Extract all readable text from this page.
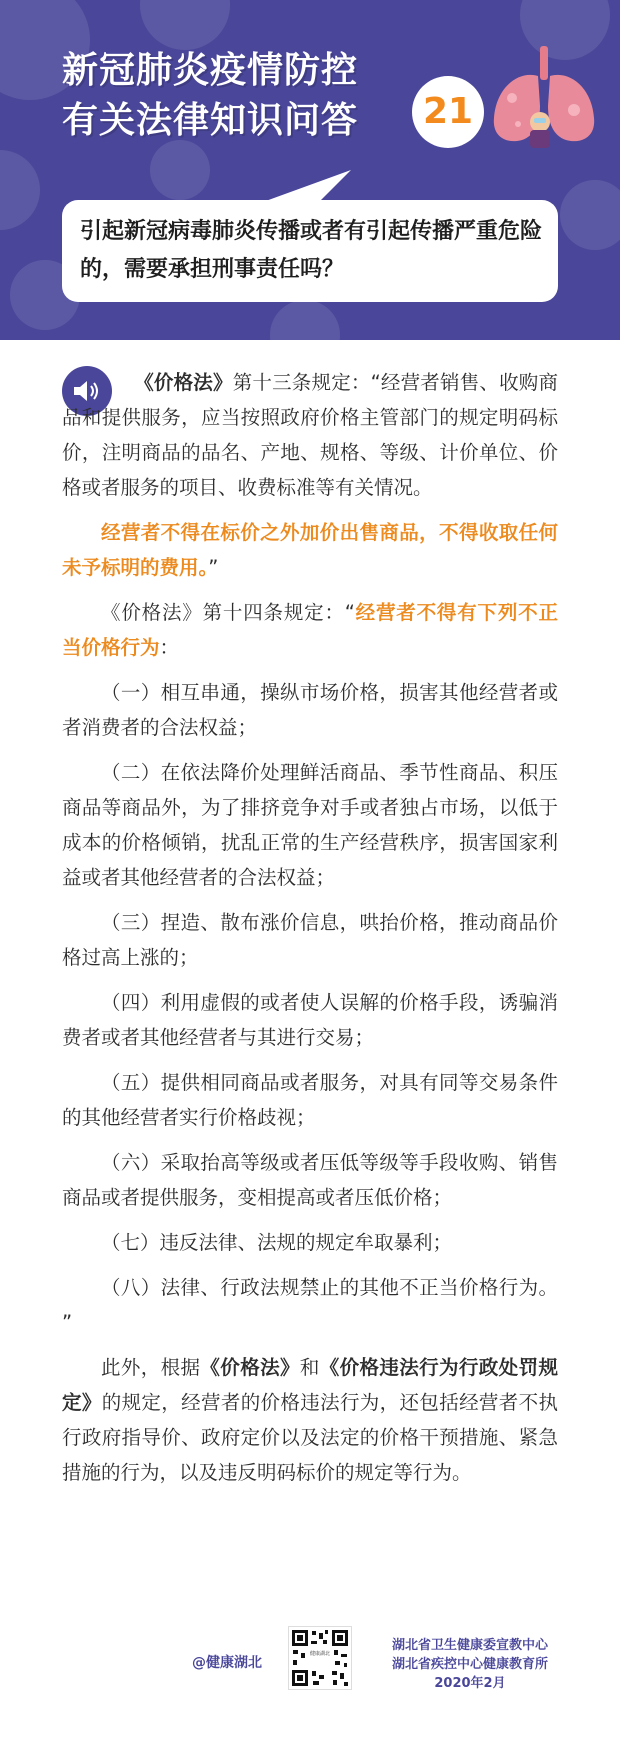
新冠肺炎疫情防控
有关法律知识问答	21
引起新冠病毒肺炎传播或者有引起传播严重危险的，需要承担刑事责任吗？

《价格法》第十三条规定：“经营者销售、收购商品和提供服务，应当按照政府价格主管部门的规定明码标价，注明商品的品名、产地、规格、等级、计价单位、价格或者服务的项目、收费标准等有关情况。

经营者不得在标价之外加价出售商品，不得收取任何未予标明的费用。”

《价格法》第十四条规定：“经营者不得有下列不正当价格行为：

（一）相互串通，操纵市场价格，损害其他经营者或者消费者的合法权益；

（二）在依法降价处理鲜活商品、季节性商品、积压商品等商品外，为了排挤竞争对手或者独占市场，以低于成本的价格倾销，扰乱正常的生产经营秩序，损害国家利益或者其他经营者的合法权益；

（三）捏造、散布涨价信息，哄抬价格，推动商品价格过高上涨的；

（四）利用虚假的或者使人误解的价格手段，诱骗消费者或者其他经营者与其进行交易；

（五）提供相同商品或者服务，对具有同等交易条件的其他经营者实行价格歧视；

（六）采取抬高等级或者压低等级等手段收购、销售商品或者提供服务，变相提高或者压低价格；

（七）违反法律、法规的规定牟取暴利；

（八）法律、行政法规禁止的其他不正当价格行为。 ”

此外，根据《价格法》和《价格违法行为行政处罚规定》的规定，经营者的价格违法行为，还包括经营者不执行政府指导价、政府定价以及法定的价格干预措施、紧急措施的行为，以及违反明码标价的规定等行为。

@健康湖北
健康湖北
湖北省卫生健康委宣教中心
湖北省疾控中心健康教育所
2020年2月
